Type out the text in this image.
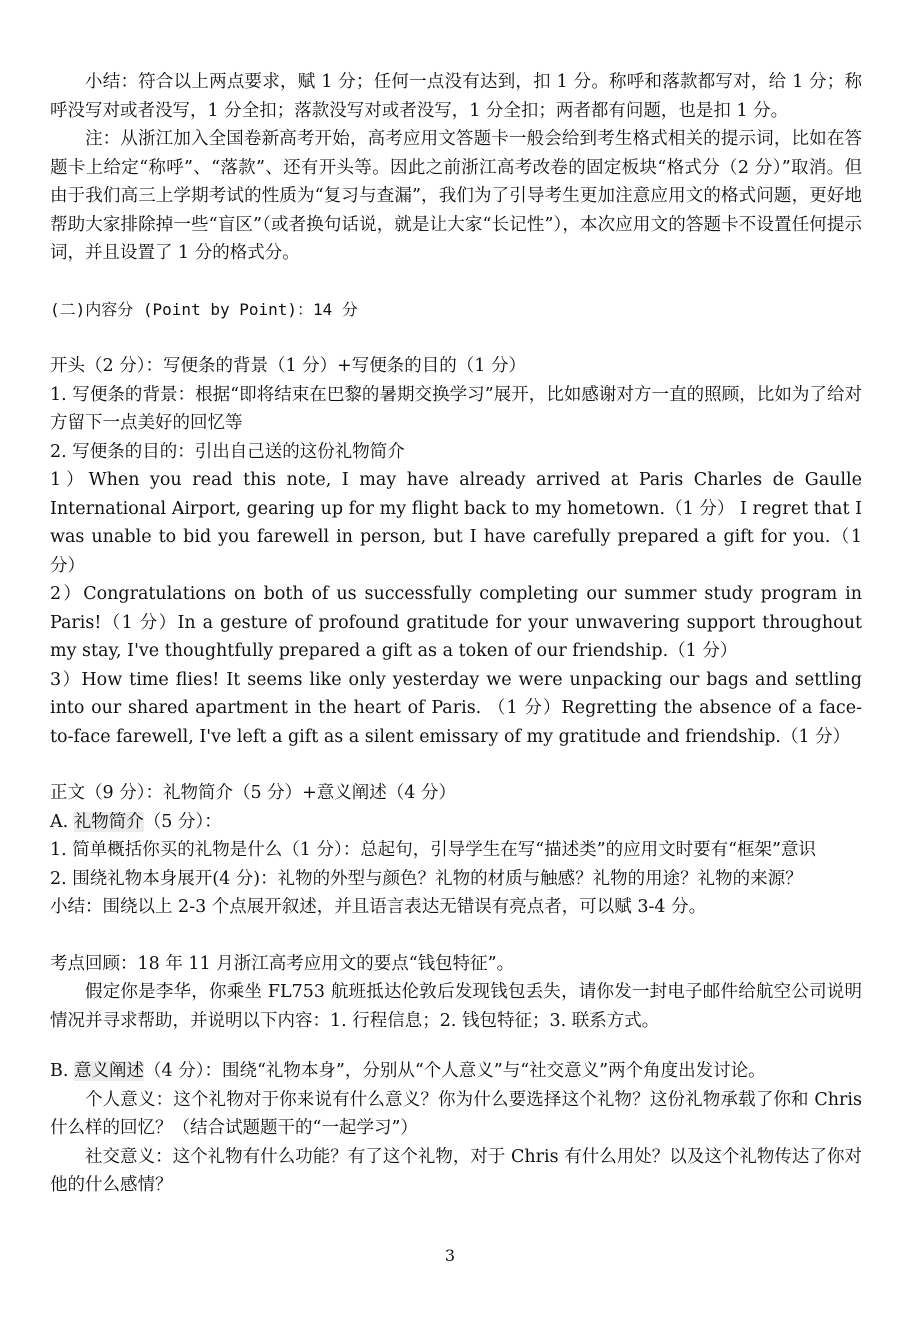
小结：符合以上两点要求，赋 1 分；任何一点没有达到，扣 1 分。称呼和落款都写对，给 1 分；称呼没写对或者没写，1 分全扣；落款没写对或者没写，1 分全扣；两者都有问题，也是扣 1 分。

注：从浙江加入全国卷新高考开始，高考应用文答题卡一般会给到考生格式相关的提示词，比如在答题卡上给定“称呼”、“落款”、还有开头等。因此之前浙江高考改卷的固定板块“格式分（2 分）”取消。但由于我们高三上学期考试的性质为“复习与查漏”，我们为了引导考生更加注意应用文的格式问题，更好地帮助大家排除掉一些“盲区”（或者换句话说，就是让大家“长记性”），本次应用文的答题卡不设置任何提示词，并且设置了 1 分的格式分。

(二)内容分 (Point by Point)：14 分

开头（2 分）：写便条的背景（1 分）+写便条的目的（1 分）

1. 写便条的背景：根据“即将结束在巴黎的暑期交换学习”展开，比如感谢对方一直的照顾，比如为了给对方留下一点美好的回忆等

2. 写便条的目的：引出自己送的这份礼物简介

1）When you read this note, I may have already arrived at Paris Charles de Gaulle International Airport, gearing up for my flight back to my hometown.（1 分） I regret that I was unable to bid you farewell in person, but I have carefully prepared a gift for you.（1 分）

2）Congratulations on both of us successfully completing our summer study program in Paris!（1 分）In a gesture of profound gratitude for your unwavering support throughout my stay, I've thoughtfully prepared a gift as a token of our friendship.（1 分）

3）How time flies! It seems like only yesterday we were unpacking our bags and settling into our shared apartment in the heart of Paris. （1 分）Regretting the absence of a face-to-face farewell, I've left a gift as a silent emissary of my gratitude and friendship.（1 分）

正文（9 分）：礼物简介（5 分）+意义阐述（4 分）

A. 礼物简介（5 分）：

1. 简单概括你买的礼物是什么（1 分）：总起句，引导学生在写“描述类”的应用文时要有“框架”意识

2. 围绕礼物本身展开(4 分)：礼物的外型与颜色？礼物的材质与触感？礼物的用途？礼物的来源？

小结：围绕以上 2-3 个点展开叙述，并且语言表达无错误有亮点者，可以赋 3-4 分。

考点回顾：18 年 11 月浙江高考应用文的要点“钱包特征”。

假定你是李华，你乘坐 FL753 航班抵达伦敦后发现钱包丢失，请你发一封电子邮件给航空公司说明情况并寻求帮助，并说明以下内容：1. 行程信息；2. 钱包特征；3. 联系方式。

B. 意义阐述（4 分）：围绕“礼物本身”，分别从“个人意义”与“社交意义”两个角度出发讨论。

个人意义：这个礼物对于你来说有什么意义？你为什么要选择这个礼物？这份礼物承载了你和 Chris 什么样的回忆？（结合试题题干的“一起学习”）

社交意义：这个礼物有什么功能？有了这个礼物，对于 Chris 有什么用处？以及这个礼物传达了你对他的什么感情？

3
